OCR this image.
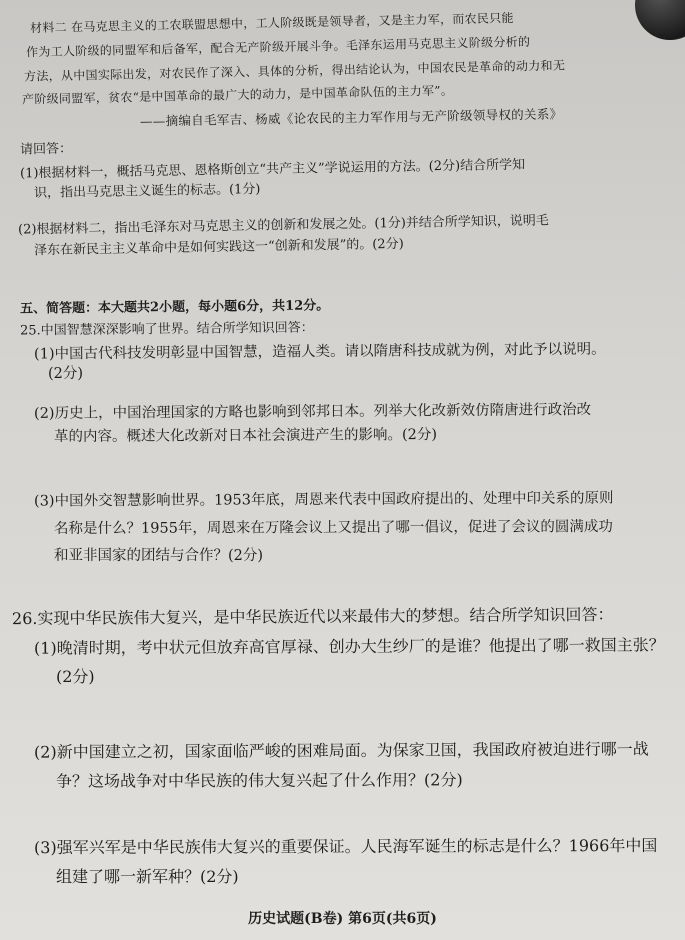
材料二 在马克思主义的工农联盟思想中，工人阶级既是领导者，又是主力军，而农民只能
作为工人阶级的同盟军和后备军，配合无产阶级开展斗争。毛泽东运用马克思主义阶级分析的
方法，从中国实际出发，对农民作了深入、具体的分析，得出结论认为，中国农民是革命的动力和无
产阶级同盟军，贫农“是中国革命的最广大的动力，是中国革命队伍的主力军”。
——摘编自毛军吉、杨威《论农民的主力军作用与无产阶级领导权的关系》
请回答：
(1)根据材料一，概括马克思、恩格斯创立“共产主义”学说运用的方法。(2分)结合所学知
识，指出马克思主义诞生的标志。(1分)
(2)根据材料二，指出毛泽东对马克思主义的创新和发展之处。(1分)并结合所学知识，说明毛
泽东在新民主主义革命中是如何实践这一“创新和发展”的。(2分)
五、简答题：本大题共2小题，每小题6分，共12分。
25.中国智慧深深影响了世界。结合所学知识回答：
(1)中国古代科技发明彰显中国智慧，造福人类。请以隋唐科技成就为例，对此予以说明。
(2分)
(2)历史上，中国治理国家的方略也影响到邻邦日本。列举大化改新效仿隋唐进行政治改
革的内容。概述大化改新对日本社会演进产生的影响。(2分)
(3)中国外交智慧影响世界。1953年底，周恩来代表中国政府提出的、处理中印关系的原则
名称是什么？1955年，周恩来在万隆会议上又提出了哪一倡议，促进了会议的圆满成功
和亚非国家的团结与合作？(2分)
26.实现中华民族伟大复兴，是中华民族近代以来最伟大的梦想。结合所学知识回答：
(1)晚清时期，考中状元但放弃高官厚禄、创办大生纱厂的是谁？他提出了哪一救国主张？
(2分)
(2)新中国建立之初，国家面临严峻的困难局面。为保家卫国，我国政府被迫进行哪一战
争？这场战争对中华民族的伟大复兴起了什么作用？(2分)
(3)强军兴军是中华民族伟大复兴的重要保证。人民海军诞生的标志是什么？1966年中国
组建了哪一新军种？(2分)
历史试题(B卷) 第6页(共6页)
